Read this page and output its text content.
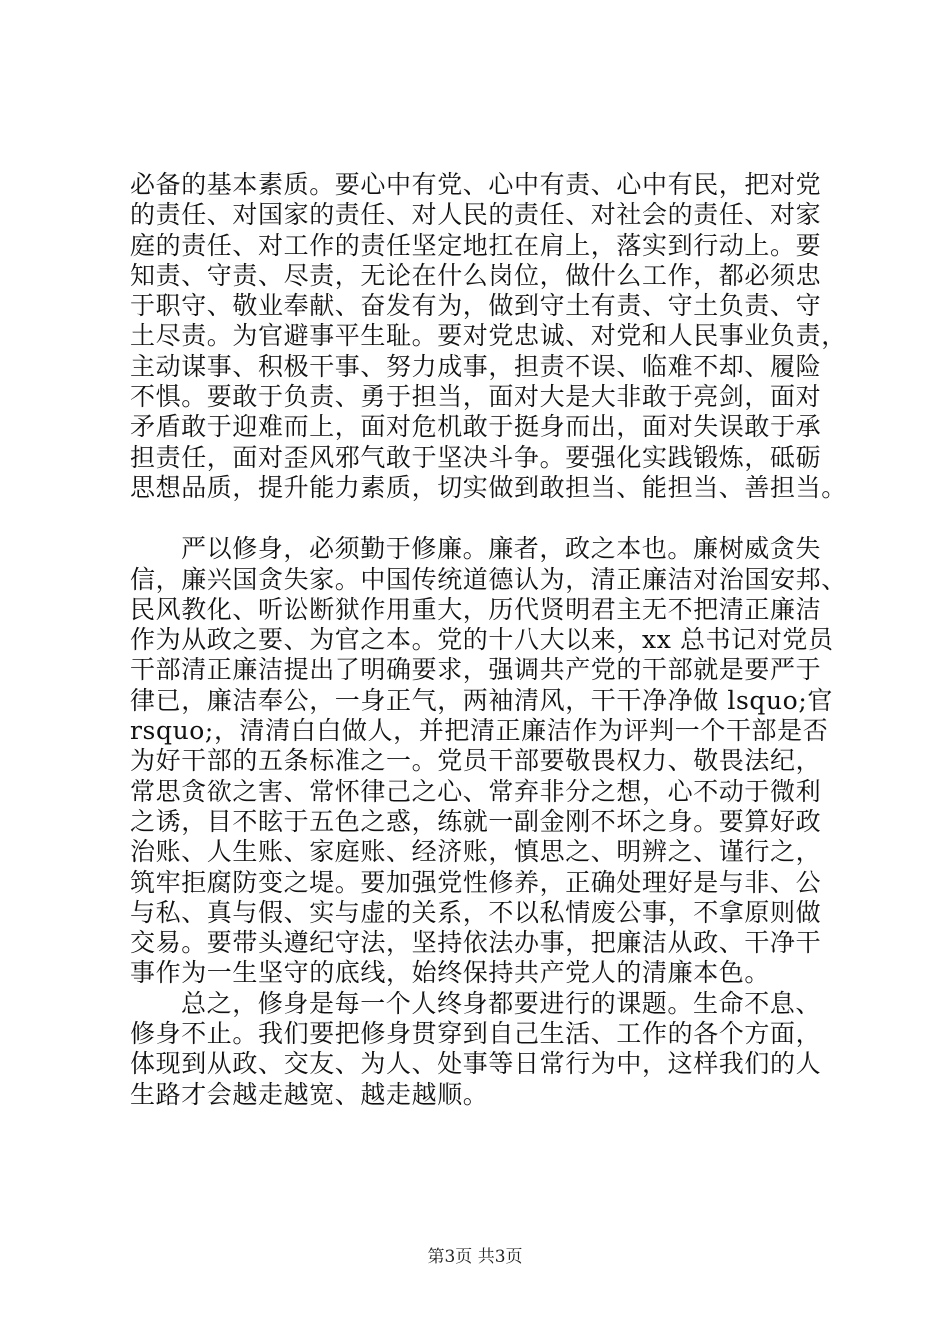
必备的基本素质。要心中有党、心中有责、心中有民，把对党
的责任、对国家的责任、对人民的责任、对社会的责任、对家
庭的责任、对工作的责任坚定地扛在肩上，落实到行动上。要
知责、守责、尽责，无论在什么岗位，做什么工作，都必须忠
于职守、敬业奉献、奋发有为，做到守土有责、守土负责、守
土尽责。为官避事平生耻。要对党忠诚、对党和人民事业负责，
主动谋事、积极干事、努力成事，担责不误、临难不却、履险
不惧。要敢于负责、勇于担当，面对大是大非敢于亮剑，面对
矛盾敢于迎难而上，面对危机敢于挺身而出，面对失误敢于承
担责任，面对歪风邪气敢于坚决斗争。要强化实践锻炼，砥砺
思想品质，提升能力素质，切实做到敢担当、能担当、善担当。
严以修身，必须勤于修廉。廉者，政之本也。廉树威贪失
信，廉兴国贪失家。中国传统道德认为，清正廉洁对治国安邦、
民风教化、听讼断狱作用重大，历代贤明君主无不把清正廉洁
作为从政之要、为官之本。党的十八大以来，xx 总书记对党员
干部清正廉洁提出了明确要求，强调共产党的干部就是要严于
律已，廉洁奉公，一身正气，两袖清风，干干净净做 lsquo;官
rsquo;，清清白白做人，并把清正廉洁作为评判一个干部是否
为好干部的五条标准之一。党员干部要敬畏权力、敬畏法纪，
常思贪欲之害、常怀律己之心、常弃非分之想，心不动于微利
之诱，目不眩于五色之惑，练就一副金刚不坏之身。要算好政
治账、人生账、家庭账、经济账，慎思之、明辨之、谨行之，
筑牢拒腐防变之堤。要加强党性修养，正确处理好是与非、公
与私、真与假、实与虚的关系，不以私情废公事，不拿原则做
交易。要带头遵纪守法，坚持依法办事，把廉洁从政、干净干
事作为一生坚守的底线，始终保持共产党人的清廉本色。
总之，修身是每一个人终身都要进行的课题。生命不息、
修身不止。我们要把修身贯穿到自己生活、工作的各个方面，
体现到从政、交友、为人、处事等日常行为中，这样我们的人
生路才会越走越宽、越走越顺。
第3页 共3页
